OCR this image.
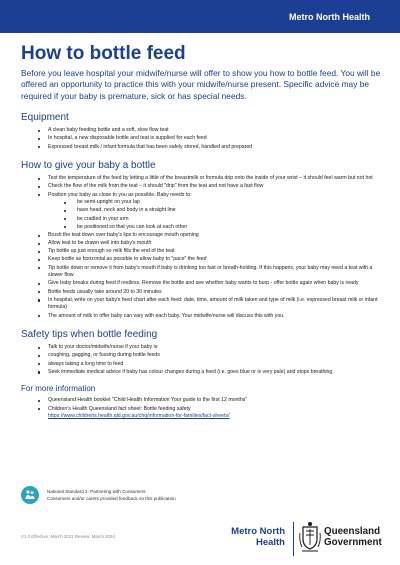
Metro North Health
How to bottle feed

Before you leave hospital your midwife/nurse will offer to show you how to bottle feed. You will be offered an opportunity to practice this with your midwife/nurse present. Specific advice may be required if your baby is premature, sick or has special needs.

Equipment
A clean baby feeding bottle and a soft, slow flow teat
In hospital, a new disposable bottle and teat is supplied for each feed
Expressed breast milk / infant formula that has been safely stored, handled and prepared
How to give your baby a bottle
Test the temperature of the feed by letting a little of the breastmilk or formula drip onto the inside of your wrist – it should feel warm but not hot
Check the flow of the milk from the teat – it should "drip" from the teat and not have a fast flow
Position your baby as close to you as possible. Baby needs to:
be semi-upright on your lap
have head, neck and body in a straight line
be cradled in your arm
be positioned so that you can look at each other
Brush the teat down over baby's lips to encourage mouth opening
Allow teat to be drawn well into baby's mouth
Tip bottle up just enough so milk fills the end of the teat
Keep bottle as horizontal as possible to allow baby to "pace" the feed
Tip bottle down or remove it from baby's mouth if baby is drinking too fast or breath-holding. If this happens, your baby may need a teat with a slower flow
Give baby breaks during feed if restless. Remove the bottle and see whether baby wants to burp - offer bottle again when baby is ready
Bottle feeds usually take around 20 to 30 minutes
In hospital, write on your baby's feed chart after each feed: date, time, amount of milk taken and type of milk (i.e. expressed breast milk or infant formula)
The amount of milk to offer baby can vary with each baby. Your midwife/nurse will discuss this with you.
Safety tips when bottle feeding
Talk to your doctor/midwife/nurse if your baby is:
coughing, gagging, or fussing during bottle feeds
always taking a long time to feed
Seek immediate medical advice if baby has colour changes during a feed (i.e. goes blue or is very pale) and stops breathing.
For more information
Queensland Health booklet "Child Health Information Your guide to the first 12 months"
Children's Health Queensland fact sheet: Bottle feeding safety
https://www.childrens.health.qld.gov.au/chq/information-for-families/fact-sheets/
National Standard 2: Partnering with Consumers
Consumers and/or carers provided feedback on this publication
V1.0 Effective: March 2021 Review: March 2024	Metro North
Health
Queensland
Government
